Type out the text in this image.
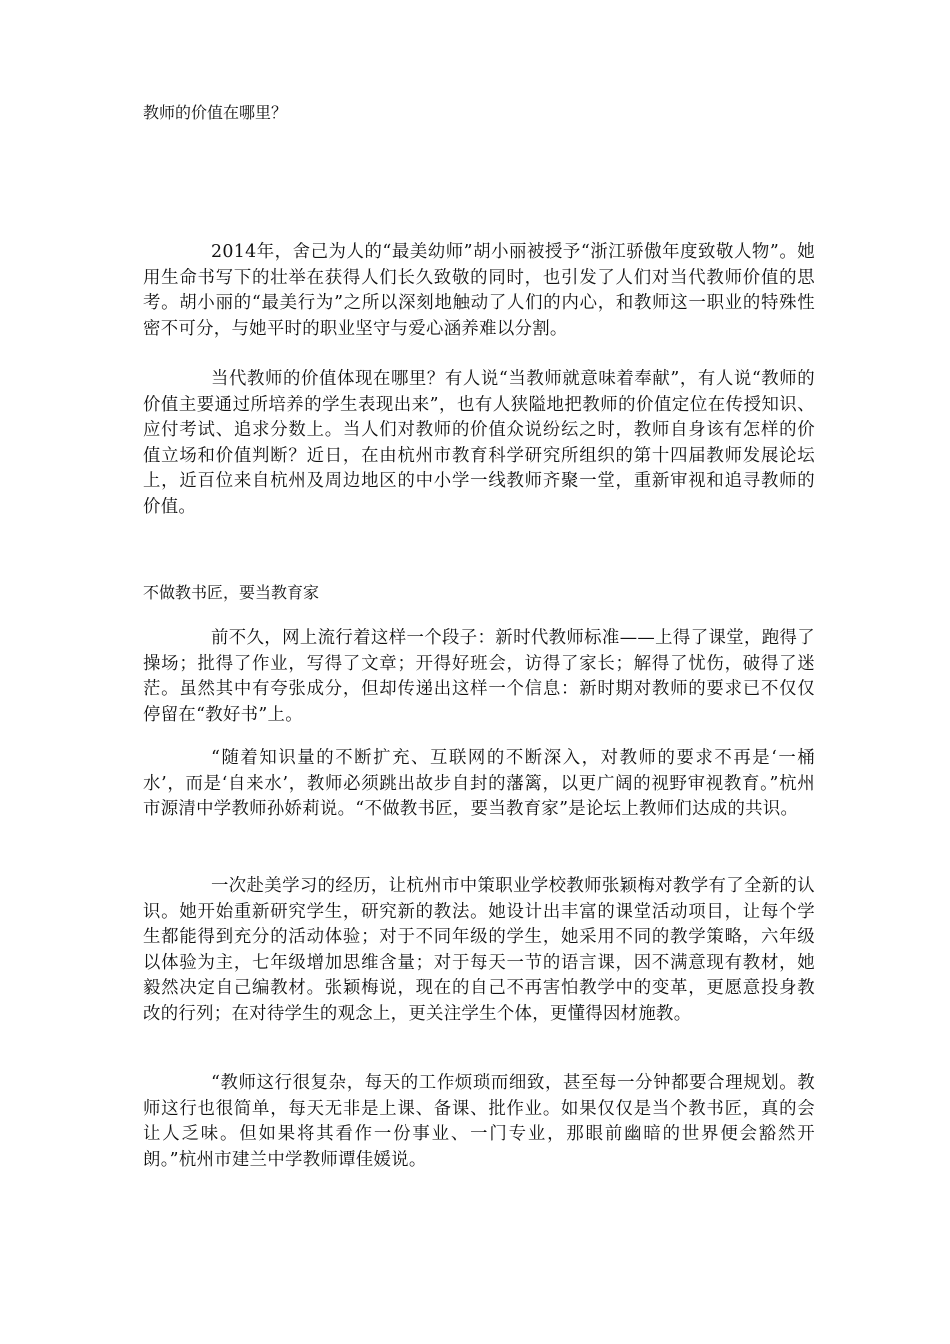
教师的价值在哪里？

2014年，舍己为人的“最美幼师”胡小丽被授予“浙江骄傲年度致敬人物”。她用生命书写下的壮举在获得人们长久致敬的同时，也引发了人们对当代教师价值的思考。胡小丽的“最美行为”之所以深刻地触动了人们的内心，和教师这一职业的特殊性密不可分，与她平时的职业坚守与爱心涵养难以分割。

当代教师的价值体现在哪里？有人说“当教师就意味着奉献”，有人说“教师的价值主要通过所培养的学生表现出来”，也有人狭隘地把教师的价值定位在传授知识、应付考试、追求分数上。当人们对教师的价值众说纷纭之时，教师自身该有怎样的价值立场和价值判断？近日，在由杭州市教育科学研究所组织的第十四届教师发展论坛上，近百位来自杭州及周边地区的中小学一线教师齐聚一堂，重新审视和追寻教师的价值。

不做教书匠，要当教育家

前不久，网上流行着这样一个段子：新时代教师标准——上得了课堂，跑得了操场；批得了作业，写得了文章；开得好班会，访得了家长；解得了忧伤，破得了迷茫。虽然其中有夸张成分，但却传递出这样一个信息：新时期对教师的要求已不仅仅停留在“教好书”上。

“随着知识量的不断扩充、互联网的不断深入，对教师的要求不再是‘一桶水’，而是‘自来水’，教师必须跳出故步自封的藩篱，以更广阔的视野审视教育。”杭州市源清中学教师孙娇莉说。“不做教书匠，要当教育家”是论坛上教师们达成的共识。

一次赴美学习的经历，让杭州市中策职业学校教师张颖梅对教学有了全新的认识。她开始重新研究学生，研究新的教法。她设计出丰富的课堂活动项目，让每个学生都能得到充分的活动体验；对于不同年级的学生，她采用不同的教学策略，六年级以体验为主，七年级增加思维含量；对于每天一节的语言课，因不满意现有教材，她毅然决定自己编教材。张颖梅说，现在的自己不再害怕教学中的变革，更愿意投身教改的行列；在对待学生的观念上，更关注学生个体，更懂得因材施教。

“教师这行很复杂，每天的工作烦琐而细致，甚至每一分钟都要合理规划。教师这行也很简单，每天无非是上课、备课、批作业。如果仅仅是当个教书匠，真的会让人乏味。但如果将其看作一份事业、一门专业，那眼前幽暗的世界便会豁然开朗。”杭州市建兰中学教师谭佳媛说。
